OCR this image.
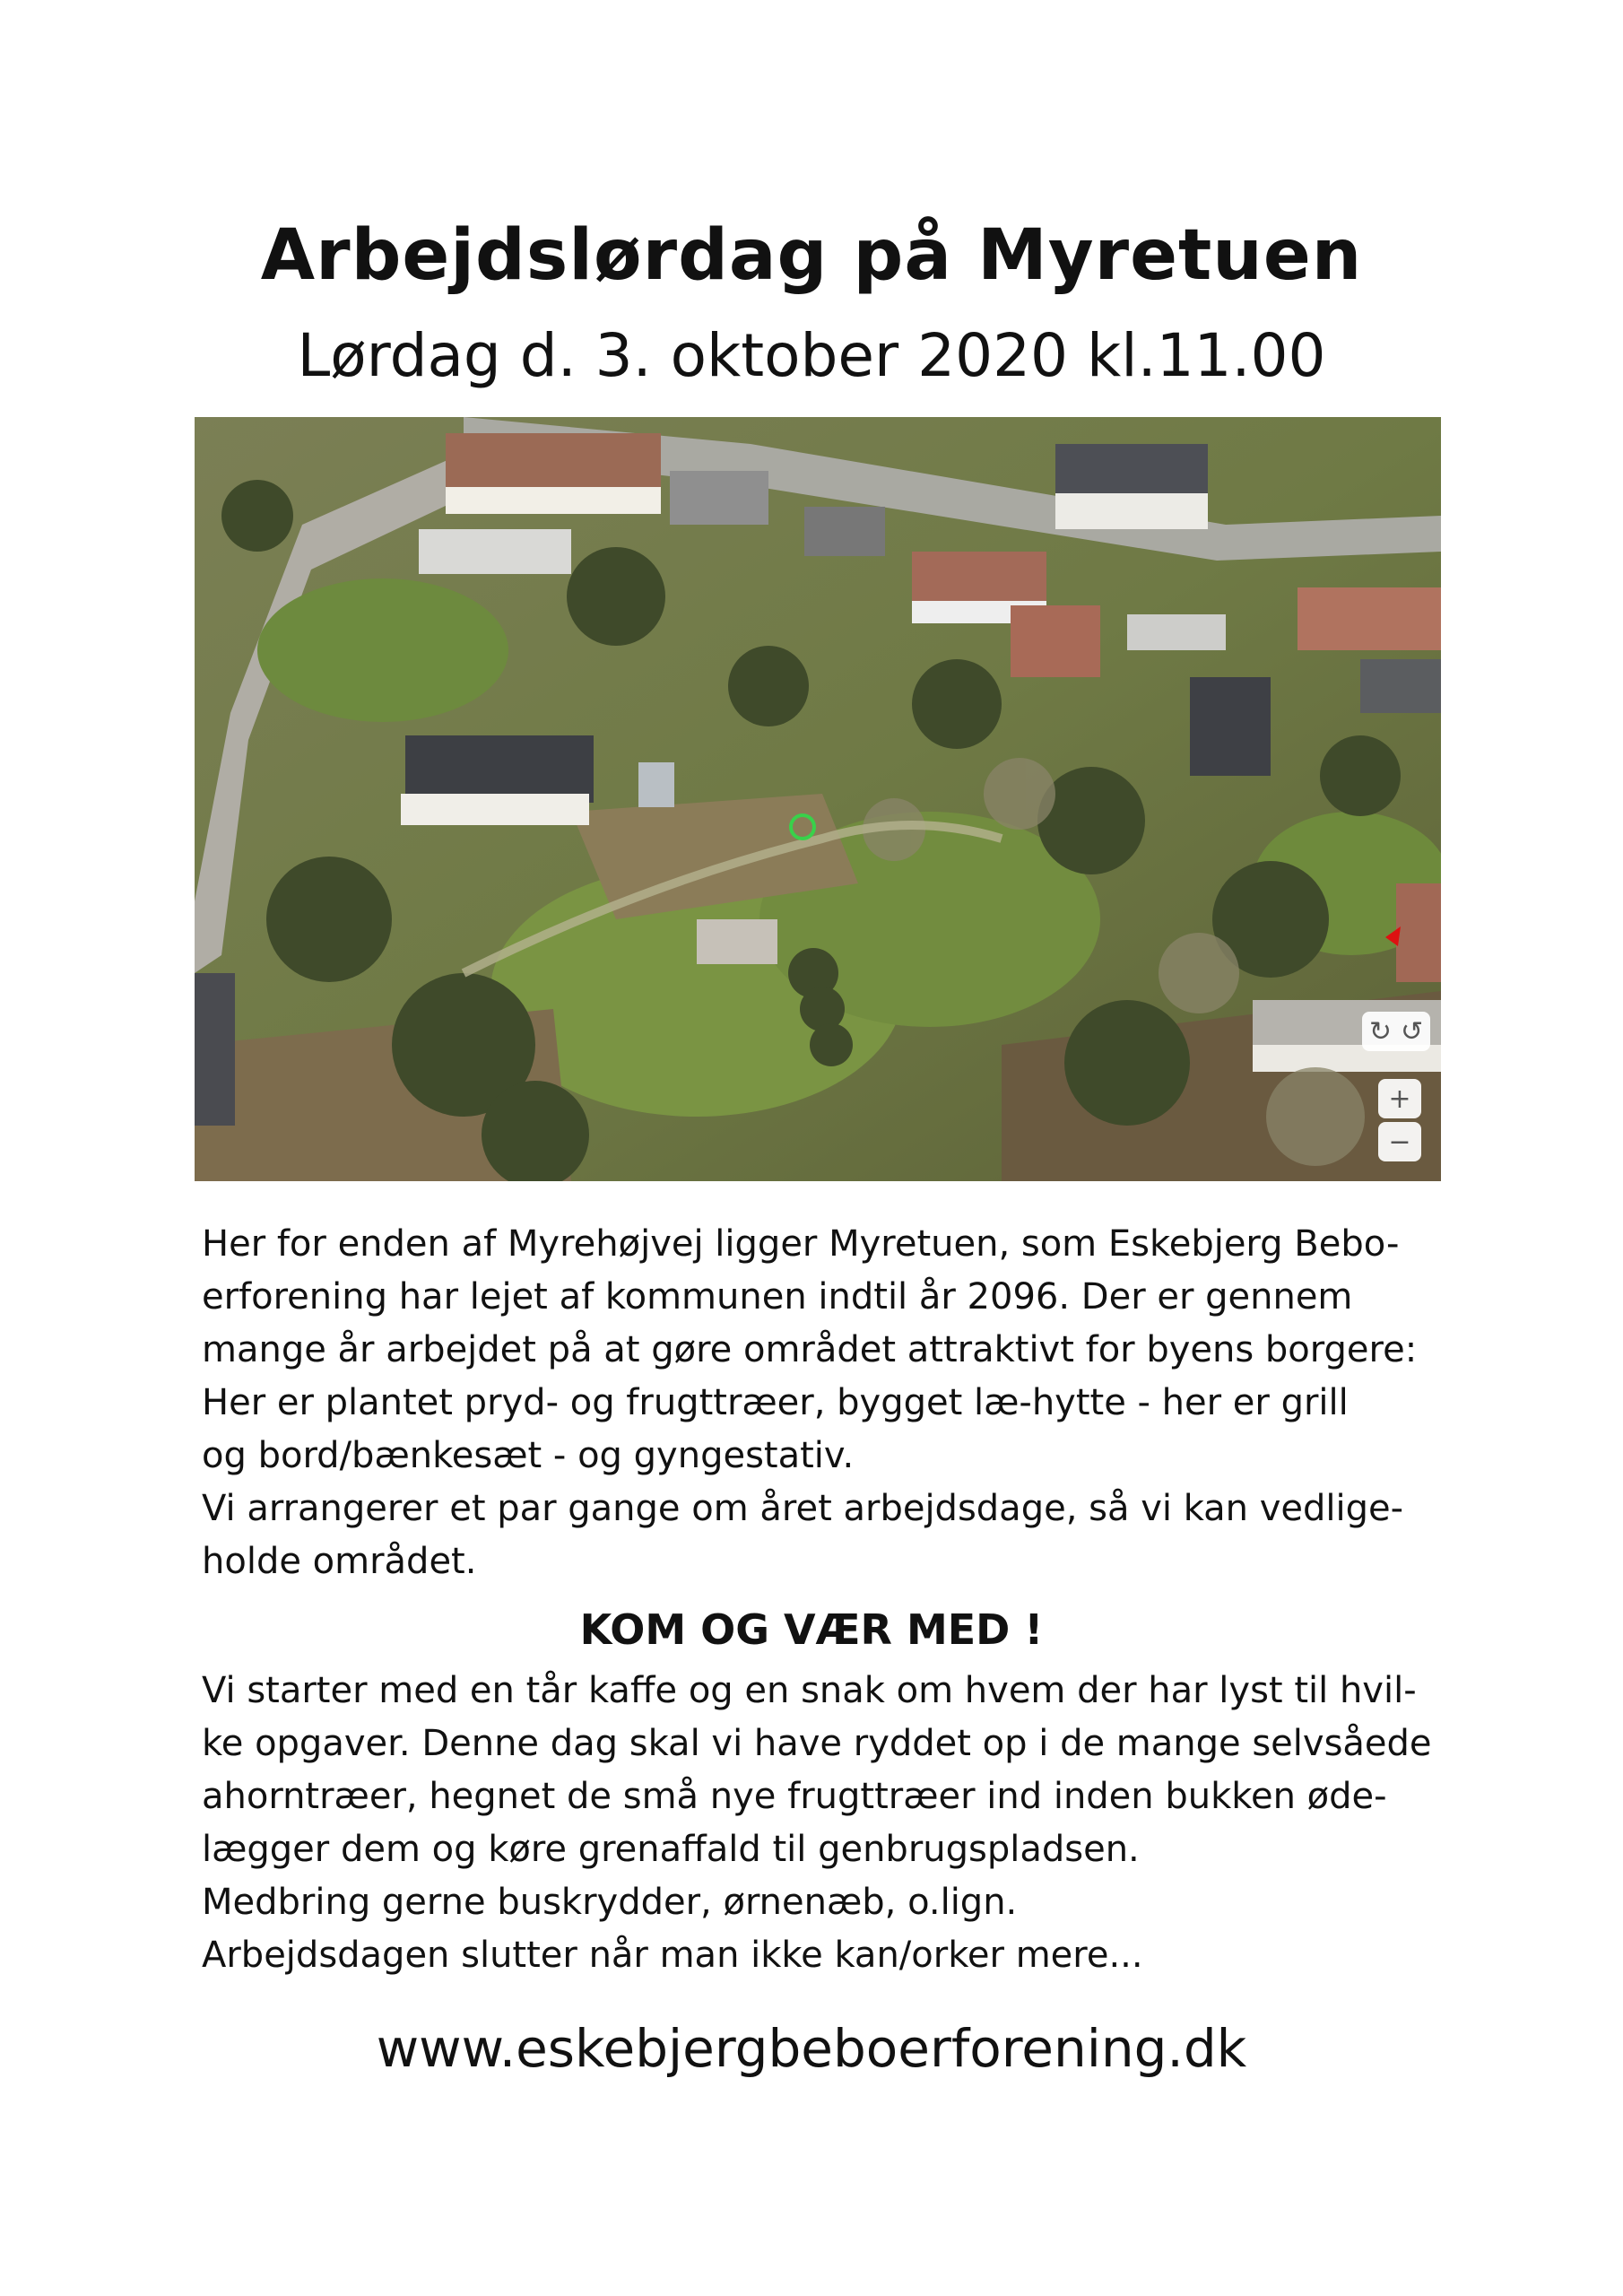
Arbejdslørdag på Myretuen

Lørdag d. 3. oktober 2020 kl.11.00

↻ ↺
+
−
Her for enden af Myrehøjvej ligger Myretuen, som Eskebjerg Bebo-
erforening har lejet af kommunen indtil år 2096. Der er gennem
mange år arbejdet på at gøre området attraktivt for byens borgere:
Her er plantet pryd- og frugttræer, bygget læ-hytte - her er grill
og bord/bænkesæt - og gyngestativ.
Vi arrangerer et par gange om året arbejdsdage, så vi kan vedlige-
holde området.

KOM OG VÆR MED !

Vi starter med en tår kaffe og en snak om hvem der har lyst til hvil-
ke opgaver. Denne dag skal vi have ryddet op i de mange selvsåede
ahorntræer, hegnet de små nye frugttræer ind inden bukken øde-
lægger dem og køre grenaffald til genbrugspladsen.
Medbring gerne buskrydder, ørnenæb, o.lign.
Arbejdsdagen slutter når man ikke kan/orker mere...

www.eskebjergbeboerforening.dk
